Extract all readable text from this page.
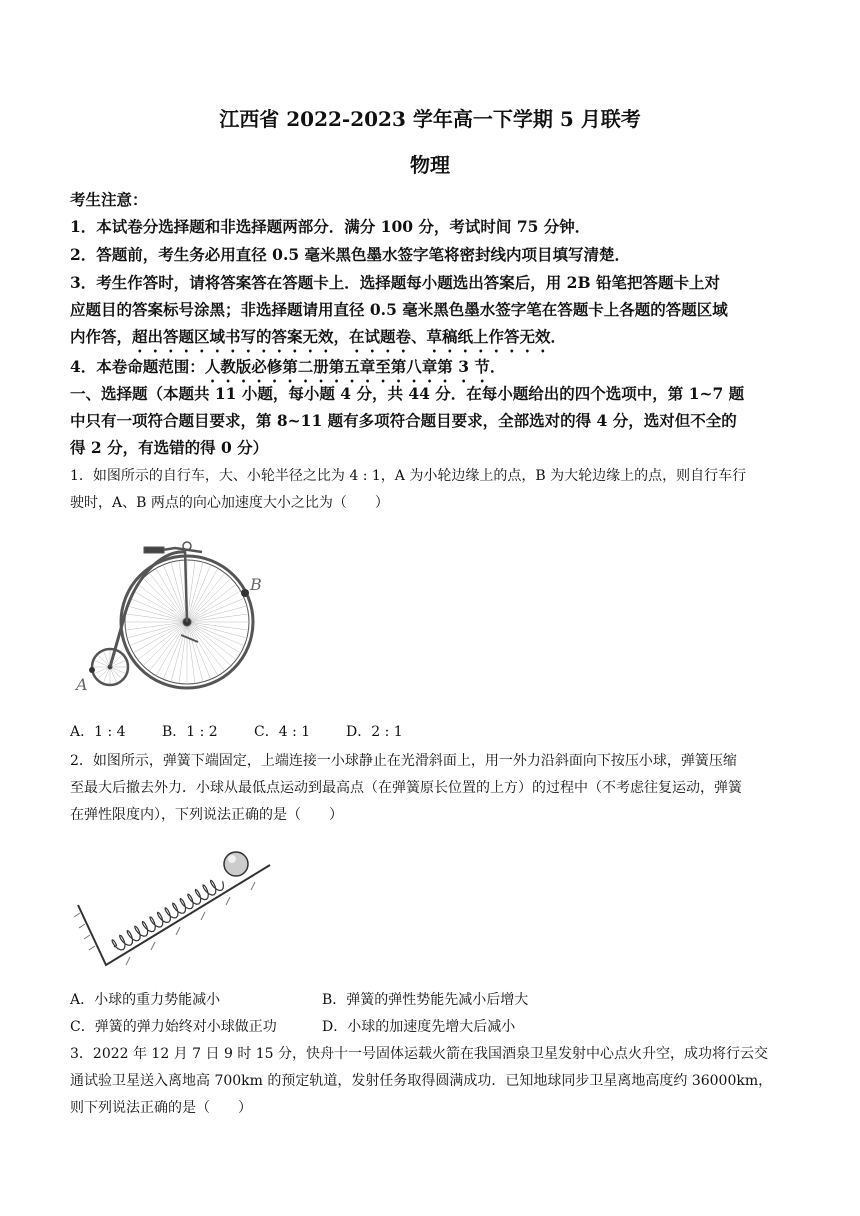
江西省 2022-2023 学年高一下学期 5 月联考
物理
考生注意：
1．本试卷分选择题和非选择题两部分．满分 100 分，考试时间 75 分钟．
2．答题前，考生务必用直径 0.5 毫米黑色墨水签字笔将密封线内项目填写清楚．
3．考生作答时，请将答案答在答题卡上．选择题每小题选出答案后，用 2B 铅笔把答题卡上对
应题目的答案标号涂黑；非选择题请用直径 0.5 毫米黑色墨水签字笔在答题卡上各题的答题区域
内作答，超出答题区域书写的答案无效，在试题卷、草稿纸上作答无效．
4．本卷命题范围：人教版必修第二册第五章至第八章第 3 节．
一、选择题（本题共 11 小题，每小题 4 分，共 44 分．在每小题给出的四个选项中，第 1~7 题
中只有一项符合题目要求，第 8~11 题有多项符合题目要求，全部选对的得 4 分，选对但不全的
得 2 分，有选错的得 0 分）
1．如图所示的自行车，大、小轮半径之比为 4 : 1，A 为小轮边缘上的点，B 为大轮边缘上的点，则自行车行
驶时，A、B 两点的向心加速度大小之比为（　　）
B
A
A．1 : 4	B．1 : 2	C．4 : 1	D．2 : 1
2．如图所示，弹簧下端固定，上端连接一小球静止在光滑斜面上，用一外力沿斜面向下按压小球，弹簧压缩
至最大后撤去外力．小球从最低点运动到最高点（在弹簧原长位置的上方）的过程中（不考虑往复运动，弹簧
在弹性限度内），下列说法正确的是（　　）
A．小球的重力势能减小	B．弹簧的弹性势能先减小后增大
C．弹簧的弹力始终对小球做正功	D．小球的加速度先增大后减小
3．2022 年 12 月 7 日 9 时 15 分，快舟十一号固体运载火箭在我国酒泉卫星发射中心点火升空，成功将行云交
通试验卫星送入离地高 700km 的预定轨道，发射任务取得圆满成功．已知地球同步卫星离地高度约 36000km，
则下列说法正确的是（　　）
